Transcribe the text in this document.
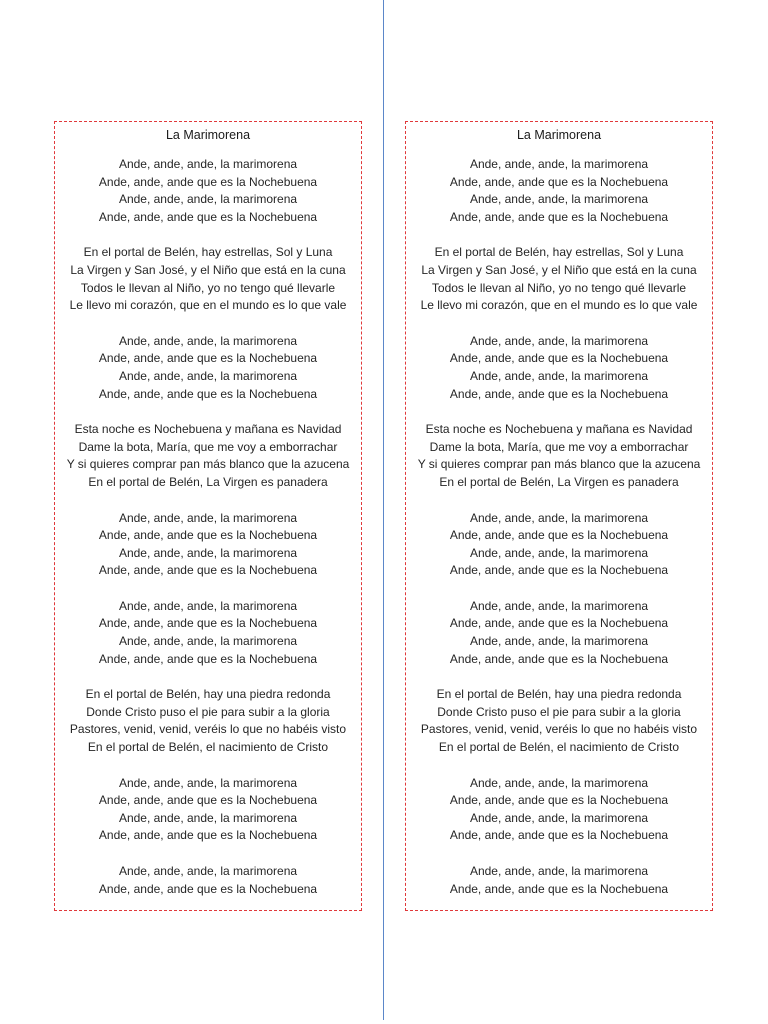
La Marimorena
Ande, ande, ande, la marimorena
Ande, ande, ande que es la Nochebuena
Ande, ande, ande, la marimorena
Ande, ande, ande que es la Nochebuena
En el portal de Belén, hay estrellas, Sol y Luna
La Virgen y San José, y el Niño que está en la cuna
Todos le llevan al Niño, yo no tengo qué llevarle
Le llevo mi corazón, que en el mundo es lo que vale
Ande, ande, ande, la marimorena
Ande, ande, ande que es la Nochebuena
Ande, ande, ande, la marimorena
Ande, ande, ande que es la Nochebuena
Esta noche es Nochebuena y mañana es Navidad
Dame la bota, María, que me voy a emborrachar
Y si quieres comprar pan más blanco que la azucena
En el portal de Belén, La Virgen es panadera
Ande, ande, ande, la marimorena
Ande, ande, ande que es la Nochebuena
Ande, ande, ande, la marimorena
Ande, ande, ande que es la Nochebuena
Ande, ande, ande, la marimorena
Ande, ande, ande que es la Nochebuena
Ande, ande, ande, la marimorena
Ande, ande, ande que es la Nochebuena
En el portal de Belén, hay una piedra redonda
Donde Cristo puso el pie para subir a la gloria
Pastores, venid, venid, veréis lo que no habéis visto
En el portal de Belén, el nacimiento de Cristo
Ande, ande, ande, la marimorena
Ande, ande, ande que es la Nochebuena
Ande, ande, ande, la marimorena
Ande, ande, ande que es la Nochebuena
Ande, ande, ande, la marimorena
Ande, ande, ande que es la Nochebuena
La Marimorena
Ande, ande, ande, la marimorena
Ande, ande, ande que es la Nochebuena
Ande, ande, ande, la marimorena
Ande, ande, ande que es la Nochebuena
En el portal de Belén, hay estrellas, Sol y Luna
La Virgen y San José, y el Niño que está en la cuna
Todos le llevan al Niño, yo no tengo qué llevarle
Le llevo mi corazón, que en el mundo es lo que vale
Ande, ande, ande, la marimorena
Ande, ande, ande que es la Nochebuena
Ande, ande, ande, la marimorena
Ande, ande, ande que es la Nochebuena
Esta noche es Nochebuena y mañana es Navidad
Dame la bota, María, que me voy a emborrachar
Y si quieres comprar pan más blanco que la azucena
En el portal de Belén, La Virgen es panadera
Ande, ande, ande, la marimorena
Ande, ande, ande que es la Nochebuena
Ande, ande, ande, la marimorena
Ande, ande, ande que es la Nochebuena
Ande, ande, ande, la marimorena
Ande, ande, ande que es la Nochebuena
Ande, ande, ande, la marimorena
Ande, ande, ande que es la Nochebuena
En el portal de Belén, hay una piedra redonda
Donde Cristo puso el pie para subir a la gloria
Pastores, venid, venid, veréis lo que no habéis visto
En el portal de Belén, el nacimiento de Cristo
Ande, ande, ande, la marimorena
Ande, ande, ande que es la Nochebuena
Ande, ande, ande, la marimorena
Ande, ande, ande que es la Nochebuena
Ande, ande, ande, la marimorena
Ande, ande, ande que es la Nochebuena
